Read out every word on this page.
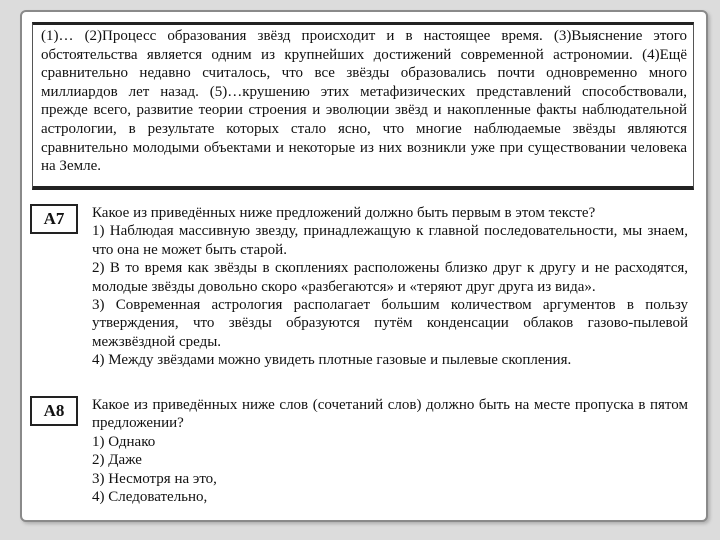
(1)… (2)Процесс образования звёзд происходит и в настоящее время. (3)Выяснение этого обстоятельства является одним из крупнейших достижений современной астрономии. (4)Ещё сравнительно недавно считалось, что все звёзды образовались почти одновременно много миллиардов лет назад. (5)…крушению этих метафизических представлений способствовали, прежде всего, развитие теории строения и эволюции звёзд и накопленные факты наблюдательной астрологии, в результате которых стало ясно, что многие наблюдаемые звёзды являются сравнительно молодыми объектами и некоторые из них возникли уже при существовании человека на Земле.
А7	Какое из приведённых ниже предложений должно быть первым в этом тексте?

1) Наблюдая массивную звезду, принадлежащую к главной последовательности, мы знаем, что она не может быть старой.
2) В то время как звёзды в скоплениях расположены близко друг к другу и не расходятся, молодые звёзды довольно скоро «разбегаются» и «теряют друг друга из вида».
3) Современная астрология располагает большим количеством аргументов в пользу утверждения, что звёзды образуются путём конденсации облаков газово-пылевой межзвёздной среды.
4) Между звёздами можно увидеть плотные газовые и пылевые скопления.
А8	Какое из приведённых ниже слов (сочетаний слов) должно быть на месте пропуска в пятом предложении?

1) Однако
2) Даже
3) Несмотря на это,
4) Следовательно,
